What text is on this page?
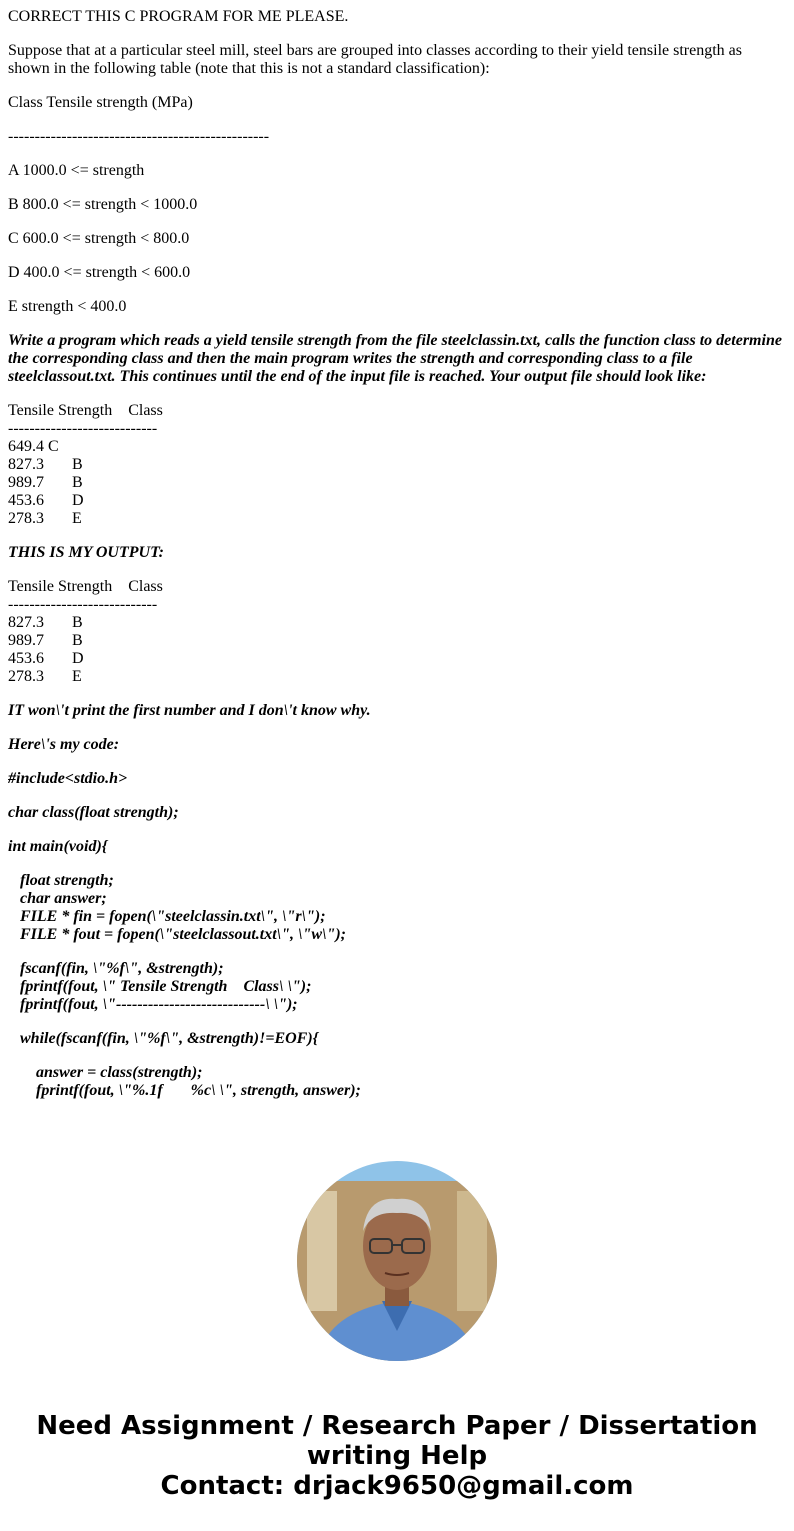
CORRECT THIS C PROGRAM FOR ME PLEASE.

Suppose that at a particular steel mill, steel bars are grouped into classes according to their yield tensile strength as shown in the following table (note that this is not a standard classification):

Class Tensile strength (MPa)

-------------------------------------------------

A 1000.0 <= strength

B 800.0 <= strength < 1000.0

C 600.0 <= strength < 800.0

D 400.0 <= strength < 600.0

E strength < 400.0

Write a program which reads a yield tensile strength from the file steelclassin.txt, calls the function class to determine the corresponding class and then the main program writes the strength and corresponding class to a file steelclassout.txt. This continues until the end of the input file is reached. Your output file should look like:

Tensile Strength    Class
----------------------------
649.4 C
827.3       B
989.7       B
453.6       D
278.3       E

THIS IS MY OUTPUT:

Tensile Strength    Class
----------------------------
827.3       B
989.7       B
453.6       D
278.3       E

IT won\'t print the first number and I don\'t know why.

Here\'s my code:

#include<stdio.h>

char class(float strength);

int main(void){

float strength;
char answer;
FILE * fin = fopen(\"steelclassin.txt\", \"r\");
FILE * fout = fopen(\"steelclassout.txt\", \"w\");

fscanf(fin, \"%f\", &strength);
fprintf(fout, \" Tensile Strength    Class\ \");
fprintf(fout, \"----------------------------\ \");

while(fscanf(fin, \"%f\", &strength)!=EOF){

answer = class(strength);
fprintf(fout, \"%.1f       %c\ \", strength, answer);

Need Assignment / Research Paper / Dissertation
writing Help
Contact: drjack9650@gmail.com
